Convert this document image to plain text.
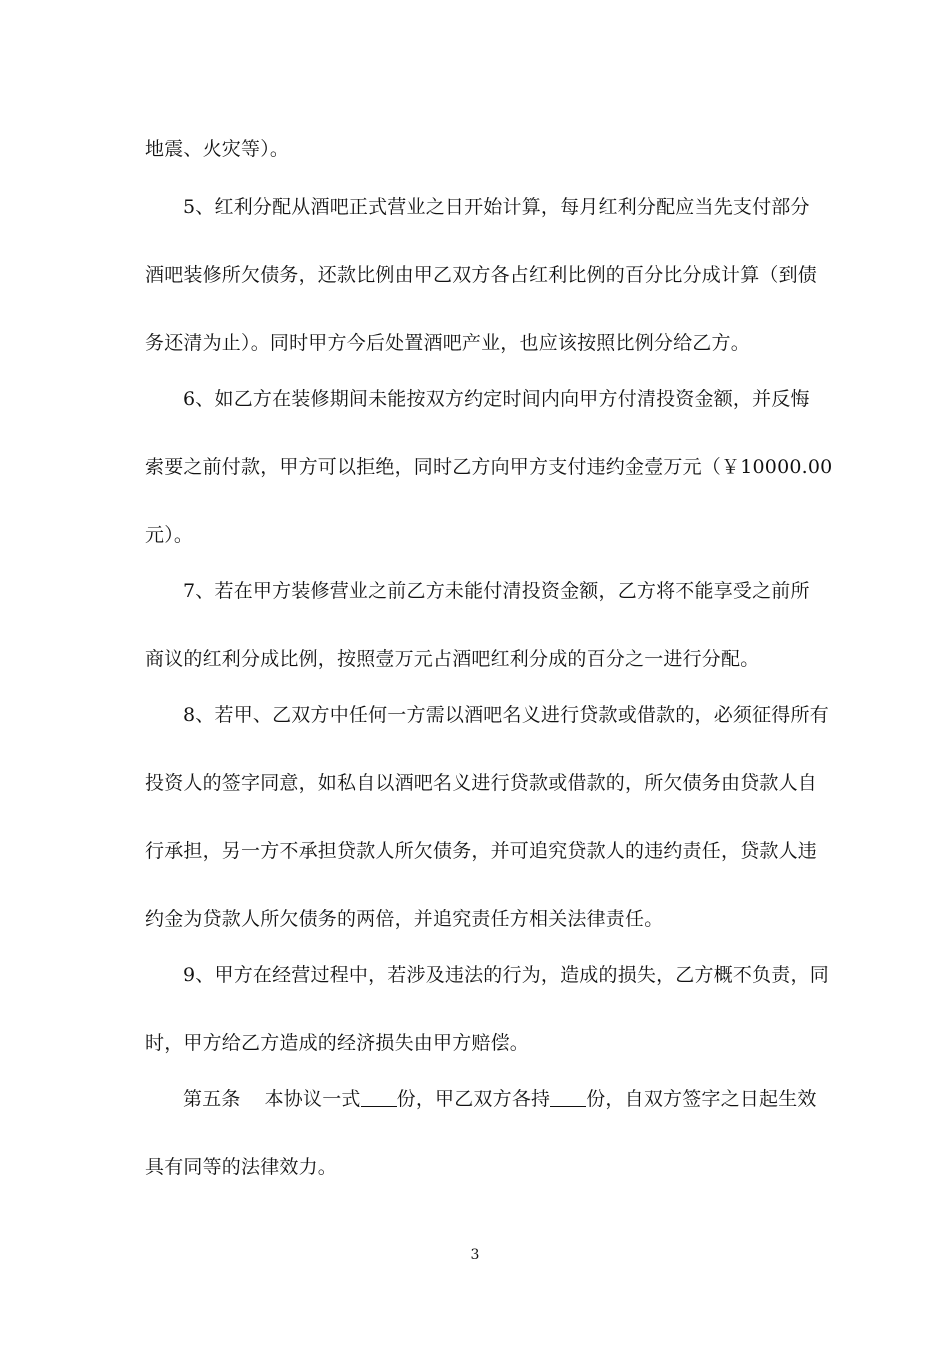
地震、火灾等）。
5、红利分配从酒吧正式营业之日开始计算，每月红利分配应当先支付部分
酒吧装修所欠债务，还款比例由甲乙双方各占红利比例的百分比分成计算（到债
务还清为止）。同时甲方今后处置酒吧产业，也应该按照比例分给乙方。
6、如乙方在装修期间未能按双方约定时间内向甲方付清投资金额，并反悔
索要之前付款，甲方可以拒绝，同时乙方向甲方支付违约金壹万元（￥10000.00
元）。
7、若在甲方装修营业之前乙方未能付清投资金额，乙方将不能享受之前所
商议的红利分成比例，按照壹万元占酒吧红利分成的百分之一进行分配。
8、若甲、乙双方中任何一方需以酒吧名义进行贷款或借款的，必须征得所有
投资人的签字同意，如私自以酒吧名义进行贷款或借款的，所欠债务由贷款人自
行承担，另一方不承担贷款人所欠债务，并可追究贷款人的违约责任，贷款人违
约金为贷款人所欠债务的两倍，并追究责任方相关法律责任。
9、甲方在经营过程中，若涉及违法的行为，造成的损失，乙方概不负责，同
时，甲方给乙方造成的经济损失由甲方赔偿。
第五条 本协议一式 份，甲乙双方各持 份，自双方签字之日起生效
具有同等的法律效力。
3
